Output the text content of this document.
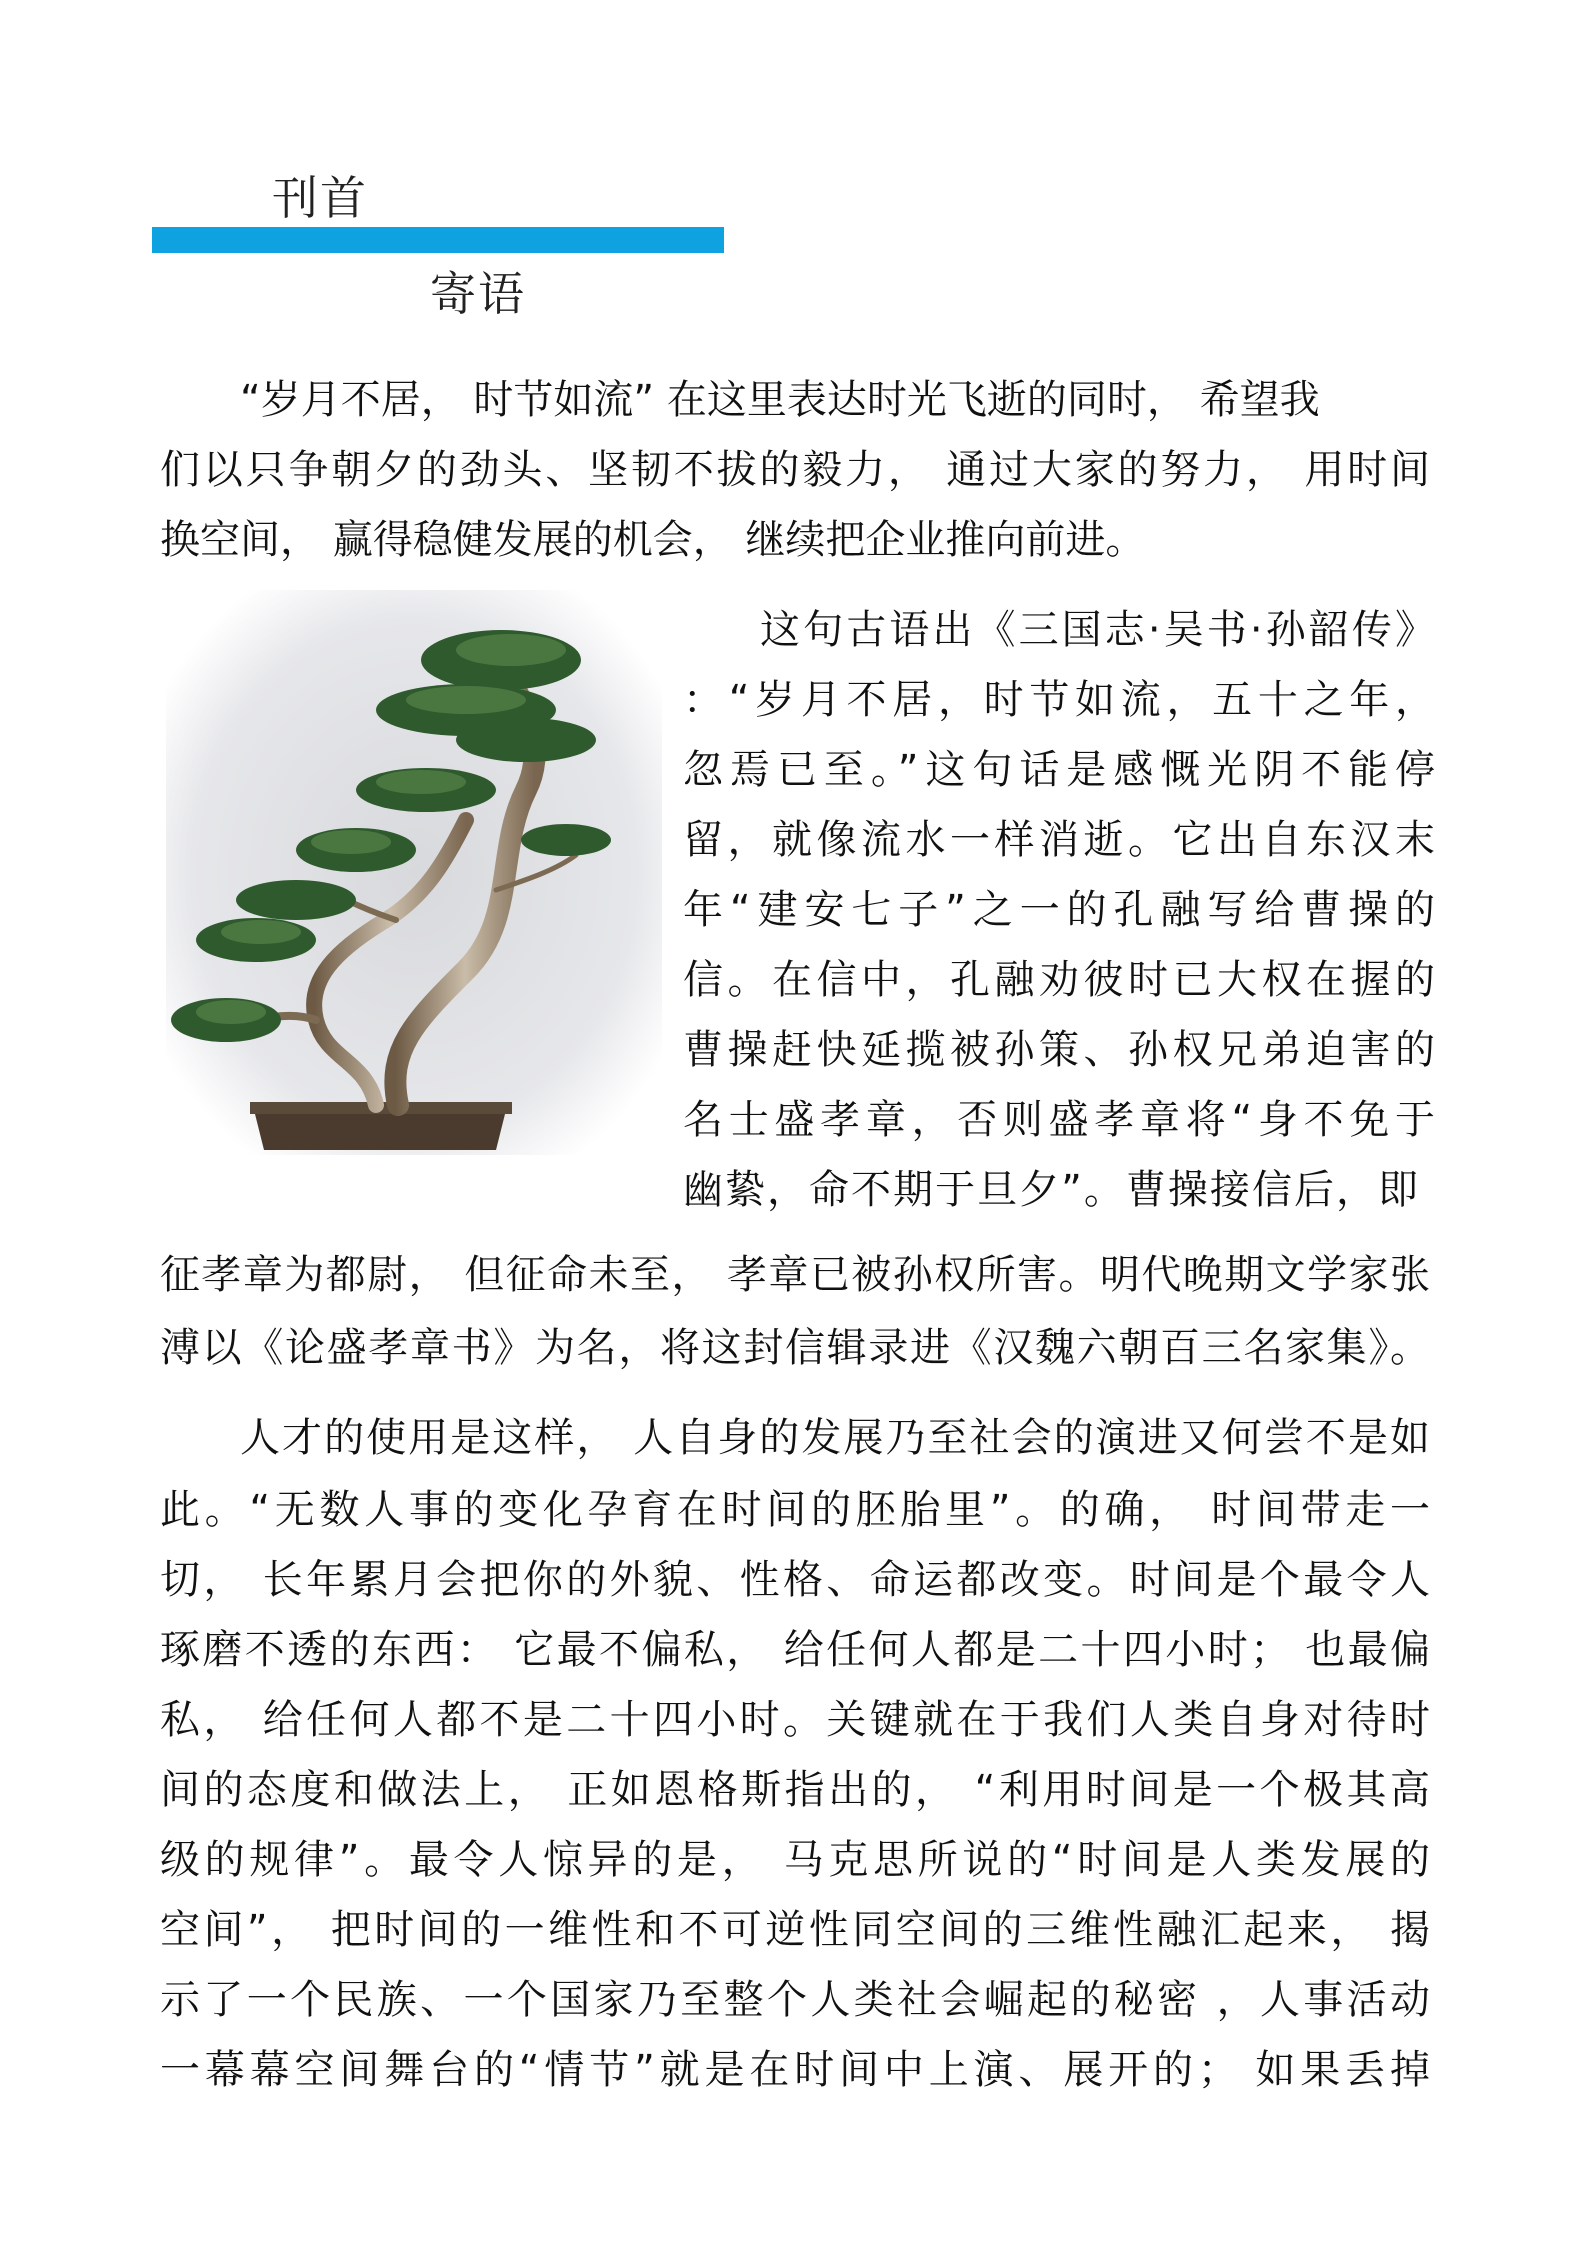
刊首
寄语
“岁月不居， 时节如流” 在这里表达时光飞逝的同时， 希望我
们以只争朝夕的劲头、坚韧不拔的毅力， 通过大家的努力， 用时间
换空间， 赢得稳健发展的机会， 继续把企业推向前进。
这句古语出《三国志·吴书·孙韶传》
：“岁月不居，时节如流，五十之年，
忽焉已至。”这句话是感慨光阴不能停
留，就像流水一样消逝。它出自东汉末
年“建安七子”之一的孔融写给曹操的
信。在信中，孔融劝彼时已大权在握的
曹操赶快延揽被孙策、孙权兄弟迫害的
名士盛孝章，否则盛孝章将“身不免于
幽絷，命不期于旦夕”。曹操接信后，即
征孝章为都尉， 但征命未至， 孝章已被孙权所害。明代晚期文学家张
溥以《论盛孝章书》为名，将这封信辑录进《汉魏六朝百三名家集》。
人才的使用是这样， 人自身的发展乃至社会的演进又何尝不是如
此。“无数人事的变化孕育在时间的胚胎里”。的确， 时间带走一
切， 长年累月会把你的外貌、性格、命运都改变。时间是个最令人
琢磨不透的东西： 它最不偏私， 给任何人都是二十四小时； 也最偏
私， 给任何人都不是二十四小时。关键就在于我们人类自身对待时
间的态度和做法上， 正如恩格斯指出的， “利用时间是一个极其高
级的规律”。最令人惊异的是， 马克思所说的“时间是人类发展的
空间”， 把时间的一维性和不可逆性同空间的三维性融汇起来， 揭
示了一个民族、一个国家乃至整个人类社会崛起的秘密 ，人事活动
一幕幕空间舞台的“情节”就是在时间中上演、展开的； 如果丢掉
